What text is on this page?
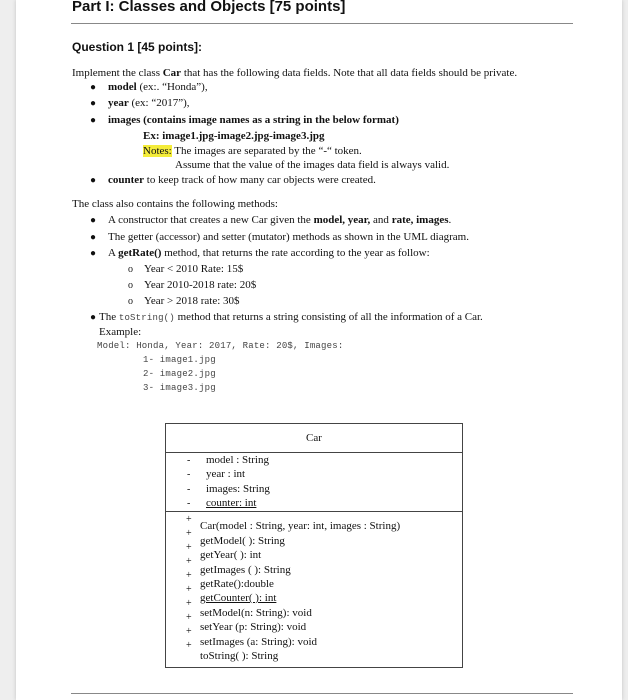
Part I: Classes and Objects [75 points]
Question 1 [45 points]:

Implement the class Car that has the following data fields. Note that all data fields should be private.

● model (ex:. “Honda”),

● year (ex: “2017”),

● images (contains image names as a string in the below format)

Ex: image1.jpg-image2.jpg-image3.jpg

Notes: The images are separated by the “-“ token.

Assume that the value of the images data field is always valid.

● counter to keep track of how many car objects were created.

The class also contains the following methods:

● A constructor that creates a new Car given the model, year, and rate, images.

● The getter (accessor) and setter (mutator) methods as shown in the UML diagram.

● A getRate() method, that returns the rate according to the year as follow:

o Year < 2010 Rate: 15$

o Year 2010-2018 rate: 20$

o Year > 2018 rate: 30$

● The toString() method that returns a string consisting of all the information of a Car.

Example:

Model: Honda, Year: 2017, Rate: 20$, Images:

1- image1.jpg

2- image2.jpg

3- image3.jpg

Car

- model : String

- year : int

- images: String

- counter: int

+
+
+
+
+
+
+
+
+
+

Car(model : String, year: int, images : String)

getModel( ): String

getYear( ): int

getImages ( ): String

getRate():double

getCounter( ): int

setModel(n: String): void

setYear (p: String): void

setImages (a: String): void

toString( ): String
